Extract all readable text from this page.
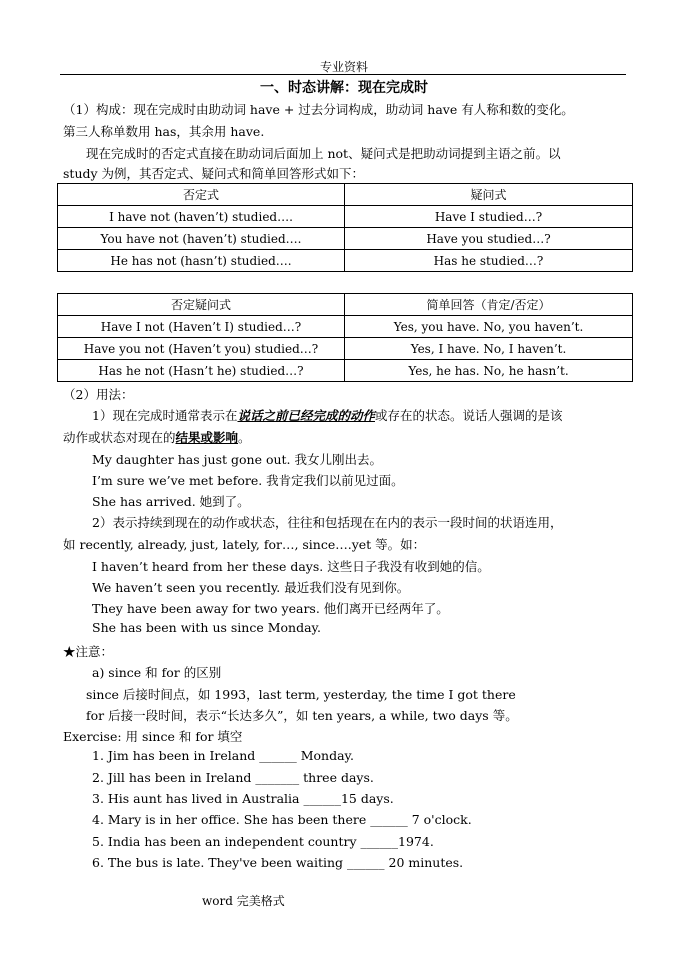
专业资料
一、时态讲解：现在完成时
（1）构成：现在完成时由助动词 have + 过去分词构成，助动词 have 有人称和数的变化。
第三人称单数用 has，其余用 have.
现在完成时的否定式直接在助动词后面加上 not、疑问式是把助动词提到主语之前。以
study 为例，其否定式、疑问式和简单回答形式如下：
否定式	疑问式
I have not (haven’t) studied….	Have I studied…?
You have not (haven’t) studied….	Have you studied…?
He has not (hasn’t) studied….	Has he studied…?
否定疑问式	简单回答（肯定/否定）
Have I not (Haven’t I) studied…?	Yes, you have. No, you haven’t.
Have you not (Haven’t you) studied…?	Yes, I have. No, I haven’t.
Has he not (Hasn’t he) studied…?	Yes, he has. No, he hasn’t.
（2）用法：
1）现在完成时通常表示在说话之前已经完成的动作或存在的状态。说话人强调的是该
动作或状态对现在的结果或影响。
My daughter has just gone out. 我女儿刚出去。
I’m sure we’ve met before. 我肯定我们以前见过面。
She has arrived. 她到了。
2）表示持续到现在的动作或状态，往往和包括现在在内的表示一段时间的状语连用，
如 recently, already, just, lately, for…, since….yet 等。如：
I haven’t heard from her these days. 这些日子我没有收到她的信。
We haven’t seen you recently. 最近我们没有见到你。
They have been away for two years. 他们离开已经两年了。
She has been with us since Monday.
★注意：
a) since 和 for 的区别
since 后接时间点，如 1993，last term, yesterday, the time I got there
for 后接一段时间，表示“长达多久”，如 ten years, a while, two days 等。
Exercise: 用 since 和 for 填空
1. Jim has been in Ireland ______ Monday.
2. Jill has been in Ireland _______ three days.
3. His aunt has lived in Australia ______15 days.
4. Mary is in her office. She has been there ______ 7 o'clock.
5. India has been an independent country ______1974.
6. The bus is late. They've been waiting ______ 20 minutes.
word 完美格式
